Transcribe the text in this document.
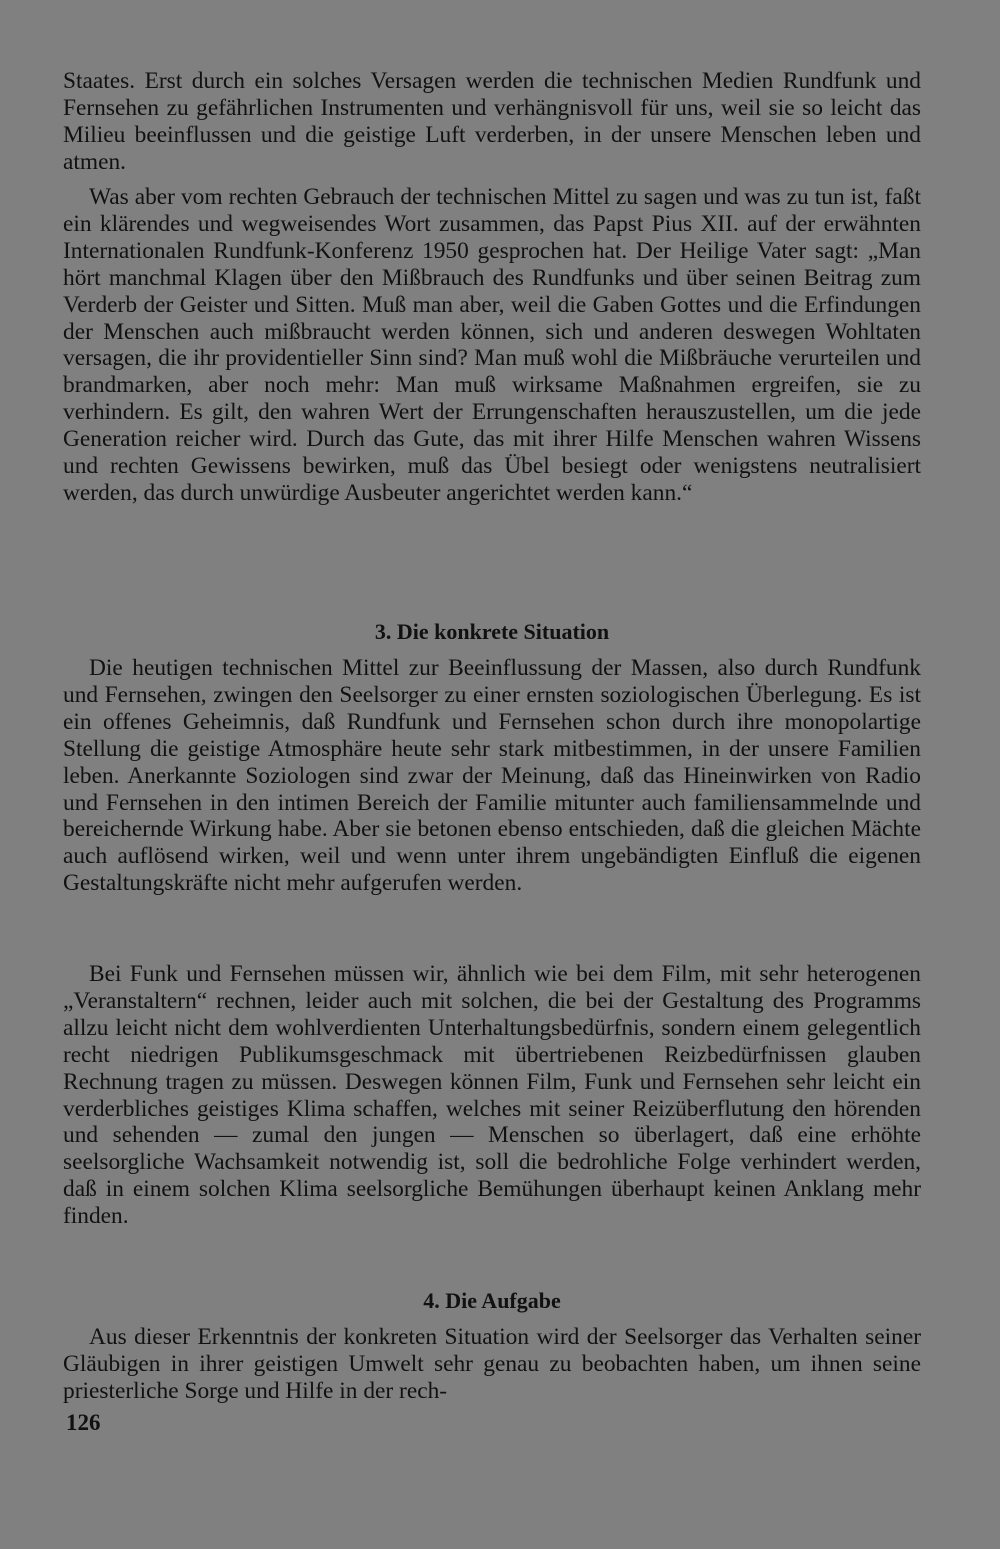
Staates. Erst durch ein solches Versagen werden die technischen Medien Rundfunk und Fernsehen zu gefährlichen Instrumenten und verhängnisvoll für uns, weil sie so leicht das Milieu beeinflussen und die geistige Luft verderben, in der unsere Menschen leben und atmen.

Was aber vom rechten Gebrauch der technischen Mittel zu sagen und was zu tun ist, faßt ein klärendes und wegweisendes Wort zusammen, das Papst Pius XII. auf der erwähnten Internationalen Rundfunk-Konferenz 1950 gesprochen hat. Der Heilige Vater sagt: „Man hört manchmal Klagen über den Mißbrauch des Rundfunks und über seinen Beitrag zum Verderb der Geister und Sitten. Muß man aber, weil die Gaben Gottes und die Erfindungen der Menschen auch mißbraucht werden können, sich und anderen deswegen Wohltaten versagen, die ihr providentieller Sinn sind? Man muß wohl die Mißbräuche verurteilen und brandmarken, aber noch mehr: Man muß wirksame Maßnahmen ergreifen, sie zu verhindern. Es gilt, den wahren Wert der Errungenschaften herauszustellen, um die jede Generation reicher wird. Durch das Gute, das mit ihrer Hilfe Menschen wahren Wissens und rechten Gewissens bewirken, muß das Übel besiegt oder wenigstens neutralisiert werden, das durch unwürdige Ausbeuter angerichtet werden kann.“

3. Die konkrete Situation

Die heutigen technischen Mittel zur Beeinflussung der Massen, also durch Rundfunk und Fernsehen, zwingen den Seelsorger zu einer ernsten soziologischen Überlegung. Es ist ein offenes Geheimnis, daß Rundfunk und Fernsehen schon durch ihre monopolartige Stellung die geistige Atmosphäre heute sehr stark mitbestimmen, in der unsere Familien leben. Anerkannte Soziologen sind zwar der Meinung, daß das Hineinwirken von Radio und Fernsehen in den intimen Bereich der Familie mitunter auch familiensammelnde und bereichernde Wirkung habe. Aber sie betonen ebenso entschieden, daß die gleichen Mächte auch auflösend wirken, weil und wenn unter ihrem ungebändigten Einfluß die eigenen Gestaltungskräfte nicht mehr aufgerufen werden.

Bei Funk und Fernsehen müssen wir, ähnlich wie bei dem Film, mit sehr heterogenen „Veranstaltern“ rechnen, leider auch mit solchen, die bei der Gestaltung des Programms allzu leicht nicht dem wohlverdienten Unterhaltungsbedürfnis, sondern einem gelegentlich recht niedrigen Publikumsgeschmack mit übertriebenen Reizbedürfnissen glauben Rechnung tragen zu müssen. Deswegen können Film, Funk und Fernsehen sehr leicht ein verderbliches geistiges Klima schaffen, welches mit seiner Reizüberflutung den hörenden und sehenden — zumal den jungen — Menschen so überlagert, daß eine erhöhte seelsorgliche Wachsamkeit notwendig ist, soll die bedrohliche Folge verhindert werden, daß in einem solchen Klima seelsorgliche Bemühungen überhaupt keinen Anklang mehr finden.

4. Die Aufgabe

Aus dieser Erkenntnis der konkreten Situation wird der Seelsorger das Verhalten seiner Gläubigen in ihrer geistigen Umwelt sehr genau zu beobachten haben, um ihnen seine priesterliche Sorge und Hilfe in der rech-

126
